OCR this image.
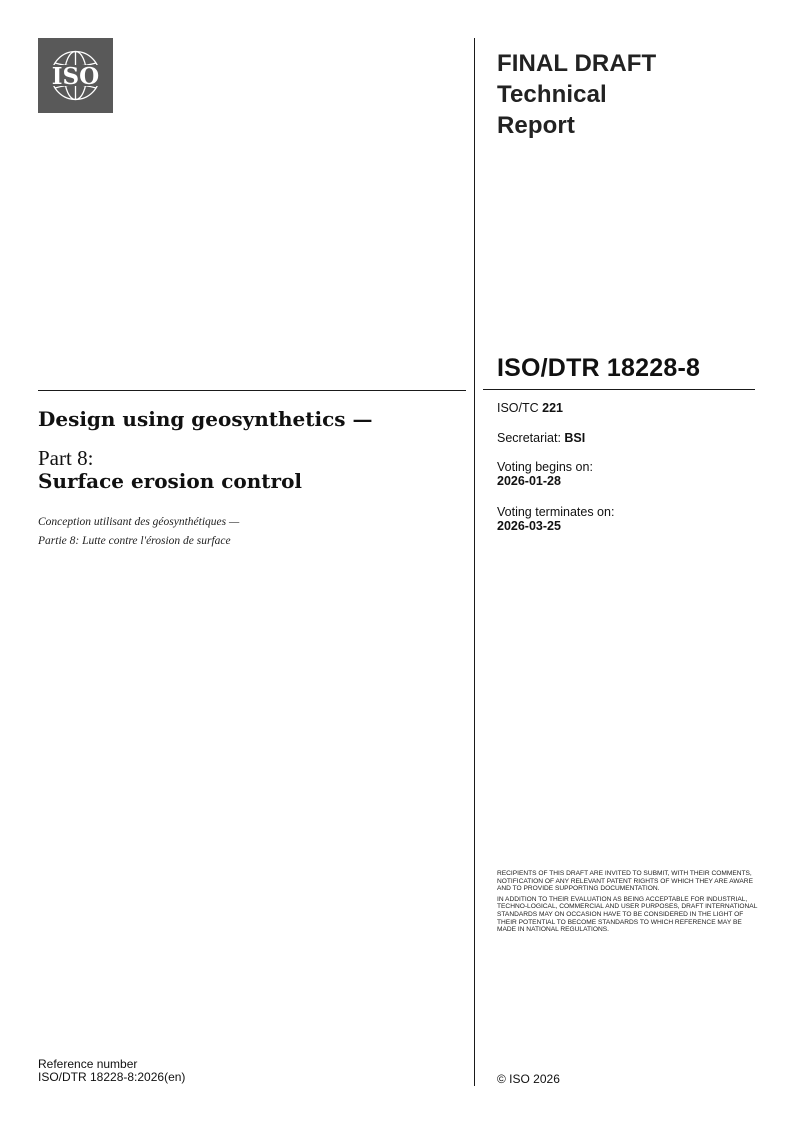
ISO	FINAL DRAFT
Technical
Report
ISO/DTR 18228-8
Design using geosynthetics —
Part 8:
Surface erosion control
Conception utilisant des géosynthétiques —
Partie 8: Lutte contre l'érosion de surface
ISO/TC 221
Secretariat: BSI
Voting begins on:
2026-01-28
Voting terminates on:
2026-03-25

RECIPIENTS OF THIS DRAFT ARE INVITED TO SUBMIT, WITH THEIR COMMENTS, NOTIFICATION OF ANY RELEVANT PATENT RIGHTS OF WHICH THEY ARE AWARE AND TO PROVIDE SUPPORTING DOCUMENTATION.

IN ADDITION TO THEIR EVALUATION AS BEING ACCEPTABLE FOR INDUSTRIAL, TECHNO-LOGICAL, COMMERCIAL AND USER PURPOSES, DRAFT INTERNATIONAL STANDARDS MAY ON OCCASION HAVE TO BE CONSIDERED IN THE LIGHT OF THEIR POTENTIAL TO BECOME STANDARDS TO WHICH REFERENCE MAY BE MADE IN NATIONAL REGULATIONS.

Reference number
ISO/DTR 18228-8:2026(en)	© ISO 2026
